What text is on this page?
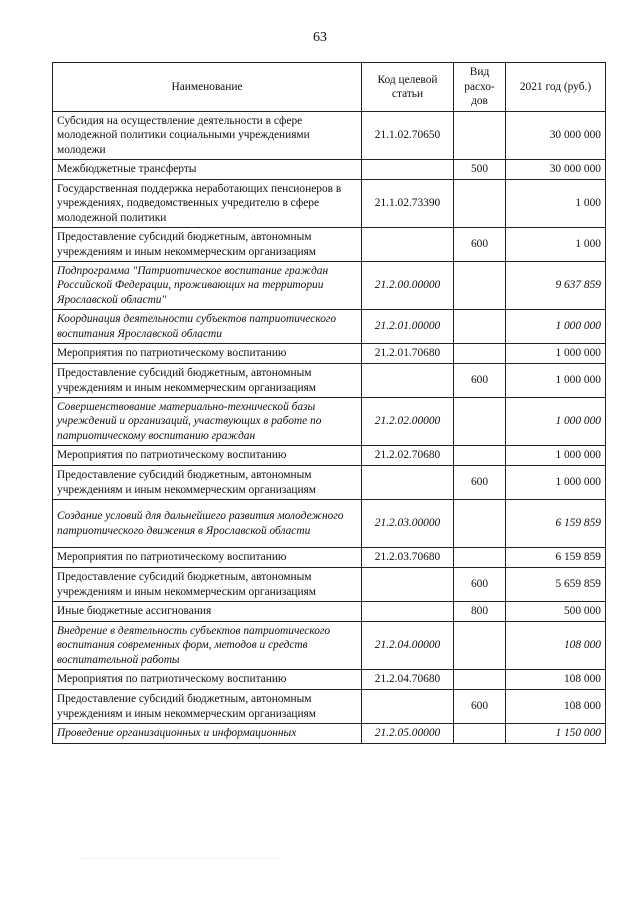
63
Наименование	Код целевой статьи	Вид расхо-дов	2021 год (руб.)
Субсидия на осуществление деятельности в сфере молодежной политики социальными учреждениями молодежи	21.1.02.70650		30 000 000
Межбюджетные трансферты		500	30 000 000
Государственная поддержка неработающих пенсионеров в учреждениях, подведомственных учредителю в сфере молодежной политики	21.1.02.73390		1 000
Предоставление субсидий бюджетным, автономным учреждениям и иным некоммерческим организациям		600	1 000
Подпрограмма "Патриотическое воспитание граждан Российской Федерации, проживающих на территории Ярославской области"	21.2.00.00000		9 637 859
Координация деятельности субъектов патриотического воспитания Ярославской области	21.2.01.00000		1 000 000
Мероприятия по патриотическому воспитанию	21.2.01.70680		1 000 000
Предоставление субсидий бюджетным, автономным учреждениям и иным некоммерческим организациям		600	1 000 000
Совершенствование материально-технической базы учреждений и организаций, участвующих в работе по патриотическому воспитанию граждан	21.2.02.00000		1 000 000
Мероприятия по патриотическому воспитанию	21.2.02.70680		1 000 000
Предоставление субсидий бюджетным, автономным учреждениям и иным некоммерческим организациям		600	1 000 000
Создание условий для дальнейшего развития молодежного патриотического движения в Ярославской области	21.2.03.00000		6 159 859
Мероприятия по патриотическому воспитанию	21.2.03.70680		6 159 859
Предоставление субсидий бюджетным, автономным учреждениям и иным некоммерческим организациям		600	5 659 859
Иные бюджетные ассигнования		800	500 000
Внедрение в деятельность субъектов патриотического воспитания современных форм, методов и средств воспитательной работы	21.2.04.00000		108 000
Мероприятия по патриотическому воспитанию	21.2.04.70680		108 000
Предоставление субсидий бюджетным, автономным учреждениям и иным некоммерческим организациям		600	108 000
Проведение организационных и информационных	21.2.05.00000		1 150 000
